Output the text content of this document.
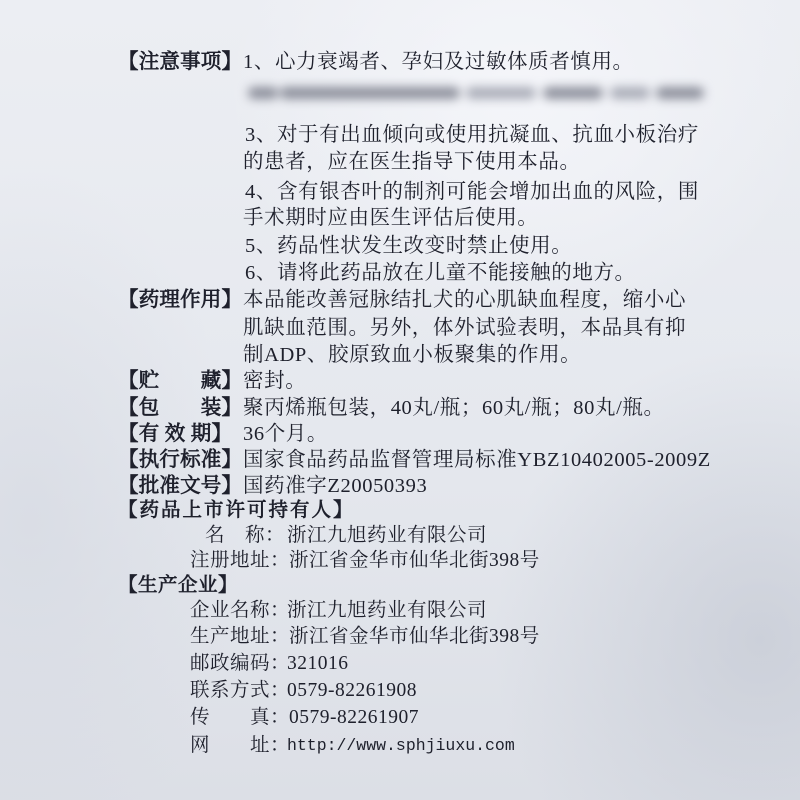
【注意事项】 1、心力衰竭者、孕妇及过敏体质者慎用。
3、对于有出血倾向或使用抗凝血、抗血小板治疗
的患者，应在医生指导下使用本品。
4、含有银杏叶的制剂可能会增加出血的风险，围
手术期时应由医生评估后使用。
5、药品性状发生改变时禁止使用。
6、请将此药品放在儿童不能接触的地方。
【药理作用】 本品能改善冠脉结扎犬的心肌缺血程度，缩小心
肌缺血范围。另外，体外试验表明，本品具有抑
制ADP、胶原致血小板聚集的作用。
【贮　　藏】 密封。
【包　　装】 聚丙烯瓶包装，40丸/瓶；60丸/瓶；80丸/瓶。
【有 效 期】 36个月。
【执行标准】 国家食品药品监督管理局标准YBZ10402005-2009Z
【批准文号】 国药准字Z20050393
【药品上市许可持有人】
名　称： 浙江九旭药业有限公司
注册地址：
浙江省金华市仙华北街398号
【生产企业】
企业名称：
浙江九旭药业有限公司
生产地址：
浙江省金华市仙华北街398号
邮政编码：
321016
联系方式：
0579-82261908
传　　真：
0579-82261907
网　　址：
http://www.sphjiuxu.com
